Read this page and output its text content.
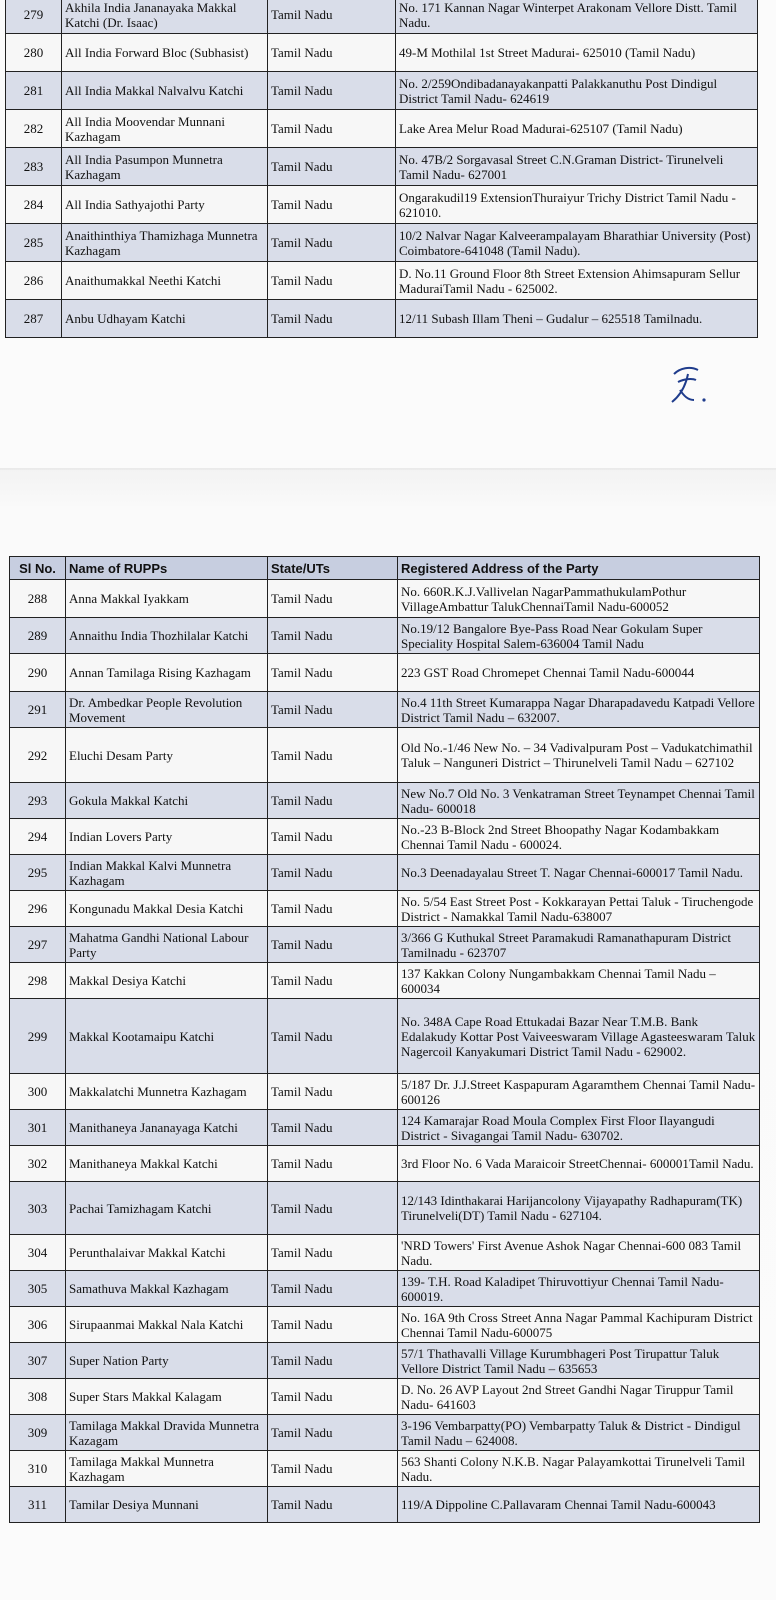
279	Akhila India Jananayaka Makkal Katchi (Dr. Isaac)	Tamil Nadu	No. 171 Kannan Nagar Winterpet Arakonam Vellore Distt. Tamil Nadu.
280	All India Forward Bloc (Subhasist)	Tamil Nadu	49-M Mothilal 1st Street Madurai- 625010 (Tamil Nadu)
281	All India Makkal Nalvalvu Katchi	Tamil Nadu	No. 2/259Ondibadanayakanpatti Palakkanuthu Post Dindigul District Tamil Nadu- 624619
282	All India Moovendar Munnani Kazhagam	Tamil Nadu	Lake Area Melur Road Madurai-625107 (Tamil Nadu)
283	All India Pasumpon Munnetra Kazhagam	Tamil Nadu	No. 47B/2 Sorgavasal Street C.N.Graman District- Tirunelveli Tamil Nadu- 627001
284	All India Sathyajothi Party	Tamil Nadu	Ongarakudil19 ExtensionThuraiyur Trichy District Tamil Nadu - 621010.
285	Anaithinthiya Thamizhaga Munnetra Kazhagam	Tamil Nadu	10/2 Nalvar Nagar Kalveerampalayam Bharathiar University (Post) Coimbatore-641048 (Tamil Nadu).
286	Anaithumakkal Neethi Katchi	Tamil Nadu	D. No.11 Ground Floor 8th Street Extension Ahimsapuram Sellur MaduraiTamil Nadu - 625002.
287	Anbu Udhayam Katchi	Tamil Nadu	12/11 Subash Illam Theni – Gudalur – 625518 Tamilnadu.
Sl No.	Name of RUPPs	State/UTs	Registered Address of the Party
288	Anna Makkal Iyakkam	Tamil Nadu	No. 660R.K.J.Vallivelan NagarPammathukulamPothur VillageAmbattur TalukChennaiTamil Nadu-600052
289	Annaithu India Thozhilalar Katchi	Tamil Nadu	No.19/12 Bangalore Bye-Pass Road Near Gokulam Super Speciality Hospital Salem-636004 Tamil Nadu
290	Annan Tamilaga Rising Kazhagam	Tamil Nadu	223 GST Road Chromepet Chennai Tamil Nadu-600044
291	Dr. Ambedkar People Revolution Movement	Tamil Nadu	No.4 11th Street Kumarappa Nagar Dharapadavedu Katpadi Vellore District Tamil Nadu – 632007.
292	Eluchi Desam Party	Tamil Nadu	Old No.-1/46 New No. – 34 Vadivalpuram Post – Vadukatchimathil Taluk – Nanguneri District – Thirunelveli Tamil Nadu – 627102
293	Gokula Makkal Katchi	Tamil Nadu	New No.7 Old No. 3 Venkatraman Street Teynampet Chennai Tamil Nadu- 600018
294	Indian Lovers Party	Tamil Nadu	No.-23 B-Block 2nd Street Bhoopathy Nagar Kodambakkam Chennai Tamil Nadu - 600024.
295	Indian Makkal Kalvi Munnetra Kazhagam	Tamil Nadu	No.3 Deenadayalau Street T. Nagar Chennai-600017 Tamil Nadu.
296	Kongunadu Makkal Desia Katchi	Tamil Nadu	No. 5/54 East Street Post - Kokkarayan Pettai Taluk - Tiruchengode District - Namakkal Tamil Nadu-638007
297	Mahatma Gandhi National Labour Party	Tamil Nadu	3/366 G Kuthukal Street Paramakudi Ramanathapuram District Tamilnadu - 623707
298	Makkal Desiya Katchi	Tamil Nadu	137 Kakkan Colony Nungambakkam Chennai Tamil Nadu – 600034
299	Makkal Kootamaipu Katchi	Tamil Nadu	No. 348A Cape Road Ettukadai Bazar Near T.M.B. Bank Edalakudy Kottar Post Vaiveeswaram Village Agasteeswaram Taluk Nagercoil Kanyakumari District Tamil Nadu - 629002.
300	Makkalatchi Munnetra Kazhagam	Tamil Nadu	5/187 Dr. J.J.Street Kaspapuram Agaramthem Chennai Tamil Nadu- 600126
301	Manithaneya Jananayaga Katchi	Tamil Nadu	124 Kamarajar Road Moula Complex First Floor Ilayangudi District - Sivagangai Tamil Nadu- 630702.
302	Manithaneya Makkal Katchi	Tamil Nadu	3rd Floor No. 6 Vada Maraicoir StreetChennai- 600001Tamil Nadu.
303	Pachai Tamizhagam Katchi	Tamil Nadu	12/143 Idinthakarai Harijancolony Vijayapathy Radhapuram(TK) Tirunelveli(DT) Tamil Nadu - 627104.
304	Perunthalaivar Makkal Katchi	Tamil Nadu	'NRD Towers' First Avenue Ashok Nagar Chennai-600 083 Tamil Nadu.
305	Samathuva Makkal Kazhagam	Tamil Nadu	139- T.H. Road Kaladipet Thiruvottiyur Chennai Tamil Nadu- 600019.
306	Sirupaanmai Makkal Nala Katchi	Tamil Nadu	No. 16A 9th Cross Street Anna Nagar Pammal Kachipuram District Chennai Tamil Nadu-600075
307	Super Nation Party	Tamil Nadu	57/1 Thathavalli Village Kurumbhageri Post Tirupattur Taluk Vellore District Tamil Nadu – 635653
308	Super Stars Makkal Kalagam	Tamil Nadu	D. No. 26 AVP Layout 2nd Street Gandhi Nagar Tiruppur Tamil Nadu- 641603
309	Tamilaga Makkal Dravida Munnetra Kazagam	Tamil Nadu	3-196 Vembarpatty(PO) Vembarpatty Taluk & District - Dindigul Tamil Nadu – 624008.
310	Tamilaga Makkal Munnetra Kazhagam	Tamil Nadu	563 Shanti Colony N.K.B. Nagar Palayamkottai Tirunelveli Tamil Nadu.
311	Tamilar Desiya Munnani	Tamil Nadu	119/A Dippoline C.Pallavaram Chennai Tamil Nadu-600043
